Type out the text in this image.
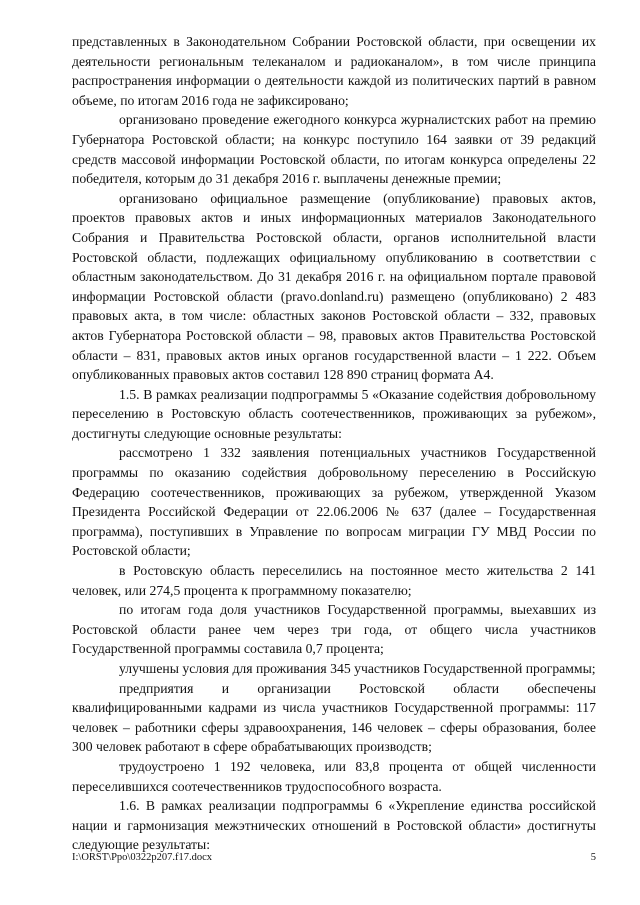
представленных в Законодательном Собрании Ростовской области, при освещении их деятельности региональным телеканалом и радиоканалом», в том числе принципа распространения информации о деятельности каждой из политических партий в равном объеме, по итогам 2016 года не зафиксировано;

организовано проведение ежегодного конкурса журналистских работ на премию Губернатора Ростовской области; на конкурс поступило 164 заявки от 39 редакций средств массовой информации Ростовской области, по итогам конкурса определены 22 победителя, которым до 31 декабря 2016 г. выплачены денежные премии;

организовано официальное размещение (опубликование) правовых актов, проектов правовых актов и иных информационных материалов Законодательного Собрания и Правительства Ростовской области, органов исполнительной власти Ростовской области, подлежащих официальному опубликованию в соответствии с областным законодательством. До 31 декабря 2016 г. на официальном портале правовой информации Ростовской области (pravo.donland.ru) размещено (опубликовано) 2 483 правовых акта, в том числе: областных законов Ростовской области – 332, правовых актов Губернатора Ростовской области – 98, правовых актов Правительства Ростовской области – 831, правовых актов иных органов государственной власти – 1 222. Объем опубликованных правовых актов составил 128 890 страниц формата А4.

1.5. В рамках реализации подпрограммы 5 «Оказание содействия добровольному переселению в Ростовскую область соотечественников, проживающих за рубежом», достигнуты следующие основные результаты:

рассмотрено 1 332 заявления потенциальных участников Государственной программы по оказанию содействия добровольному переселению в Российскую Федерацию соотечественников, проживающих за рубежом, утвержденной Указом Президента Российской Федерации от 22.06.2006 № 637 (далее – Государственная программа), поступивших в Управление по вопросам миграции ГУ МВД России по Ростовской области;

в Ростовскую область переселились на постоянное место жительства 2 141 человек, или 274,5 процента к программному показателю;

по итогам года доля участников Государственной программы, выехавших из Ростовской области ранее чем через три года, от общего числа участников Государственной программы составила 0,7 процента;

улучшены условия для проживания 345 участников Государственной программы;

предприятия и организации Ростовской области обеспечены квалифицированными кадрами из числа участников Государственной программы: 117 человек – работники сферы здравоохранения, 146 человек – сферы образования, более 300 человек работают в сфере обрабатывающих производств;

трудоустроено 1 192 человека, или 83,8 процента от общей численности переселившихся соотечественников трудоспособного возраста.

1.6. В рамках реализации подпрограммы 6 «Укрепление единства российской нации и гармонизация межэтнических отношений в Ростовской области» достигнуты следующие результаты:

I:\ORST\Ppo\0322p207.f17.docx	5
